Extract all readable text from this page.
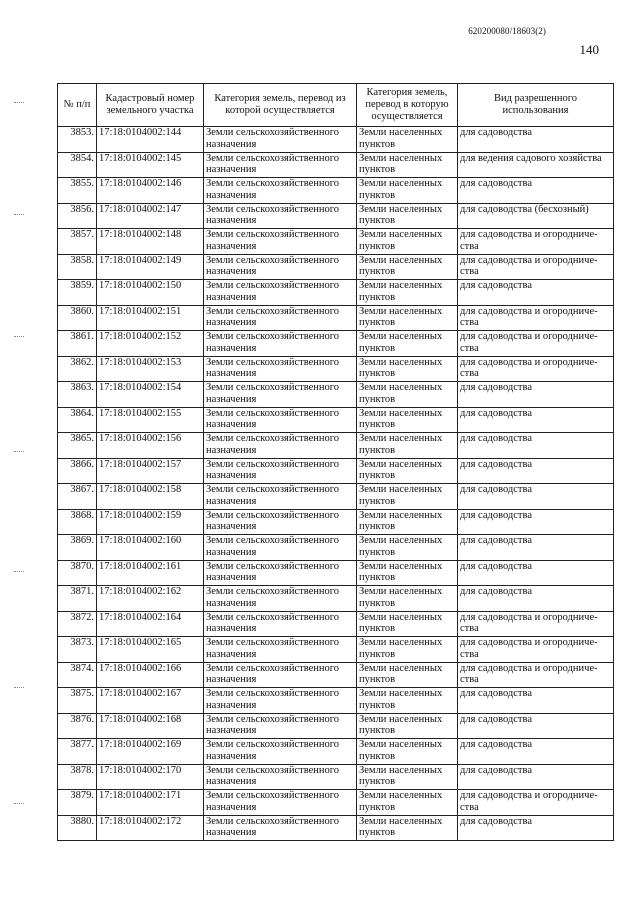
620200080/18603(2)
140
№ п/п	Кадастровый номер земельного участка	Категория земель, перевод из которой осуществляется	Категория земель, перевод в которую осуществляется	Вид разрешенного использования
3853.	17:18:0104002:144	Земли сельскохозяйственного назначения	Земли населенных пунктов	для садоводства
3854.	17:18:0104002:145	Земли сельскохозяйственного назначения	Земли населенных пунктов	для ведения садового хозяйства
3855.	17:18:0104002:146	Земли сельскохозяйственного назначения	Земли населенных пунктов	для садоводства
3856.	17:18:0104002:147	Земли сельскохозяйственного назначения	Земли населенных пунктов	для садоводства (бесхозный)
3857.	17:18:0104002:148	Земли сельскохозяйственного назначения	Земли населенных пунктов	для садоводства и огородниче-ства
3858.	17:18:0104002:149	Земли сельскохозяйственного назначения	Земли населенных пунктов	для садоводства и огородниче-ства
3859.	17:18:0104002:150	Земли сельскохозяйственного назначения	Земли населенных пунктов	для садоводства
3860.	17:18:0104002:151	Земли сельскохозяйственного назначения	Земли населенных пунктов	для садоводства и огородниче-ства
3861.	17:18:0104002:152	Земли сельскохозяйственного назначения	Земли населенных пунктов	для садоводства и огородниче-ства
3862.	17:18:0104002:153	Земли сельскохозяйственного назначения	Земли населенных пунктов	для садоводства и огородниче-ства
3863.	17:18:0104002:154	Земли сельскохозяйственного назначения	Земли населенных пунктов	для садоводства
3864.	17:18:0104002:155	Земли сельскохозяйственного назначения	Земли населенных пунктов	для садоводства
3865.	17:18:0104002:156	Земли сельскохозяйственного назначения	Земли населенных пунктов	для садоводства
3866.	17:18:0104002:157	Земли сельскохозяйственного назначения	Земли населенных пунктов	для садоводства
3867.	17:18:0104002:158	Земли сельскохозяйственного назначения	Земли населенных пунктов	для садоводства
3868.	17:18:0104002:159	Земли сельскохозяйственного назначения	Земли населенных пунктов	для садоводства
3869.	17:18:0104002:160	Земли сельскохозяйственного назначения	Земли населенных пунктов	для садоводства
3870.	17:18:0104002:161	Земли сельскохозяйственного назначения	Земли населенных пунктов	для садоводства
3871.	17:18:0104002:162	Земли сельскохозяйственного назначения	Земли населенных пунктов	для садоводства
3872.	17:18:0104002:164	Земли сельскохозяйственного назначения	Земли населенных пунктов	для садоводства и огородниче-ства
3873.	17:18:0104002:165	Земли сельскохозяйственного назначения	Земли населенных пунктов	для садоводства и огородниче-ства
3874.	17:18:0104002:166	Земли сельскохозяйственного назначения	Земли населенных пунктов	для садоводства и огородниче-ства
3875.	17:18:0104002:167	Земли сельскохозяйственного назначения	Земли населенных пунктов	для садоводства
3876.	17:18:0104002:168	Земли сельскохозяйственного назначения	Земли населенных пунктов	для садоводства
3877.	17:18:0104002:169	Земли сельскохозяйственного назначения	Земли населенных пунктов	для садоводства
3878.	17:18:0104002:170	Земли сельскохозяйственного назначения	Земли населенных пунктов	для садоводства
3879.	17:18:0104002:171	Земли сельскохозяйственного назначения	Земли населенных пунктов	для садоводства и огородниче-ства
3880.	17:18:0104002:172	Земли сельскохозяйственного назначения	Земли населенных пунктов	для садоводства
